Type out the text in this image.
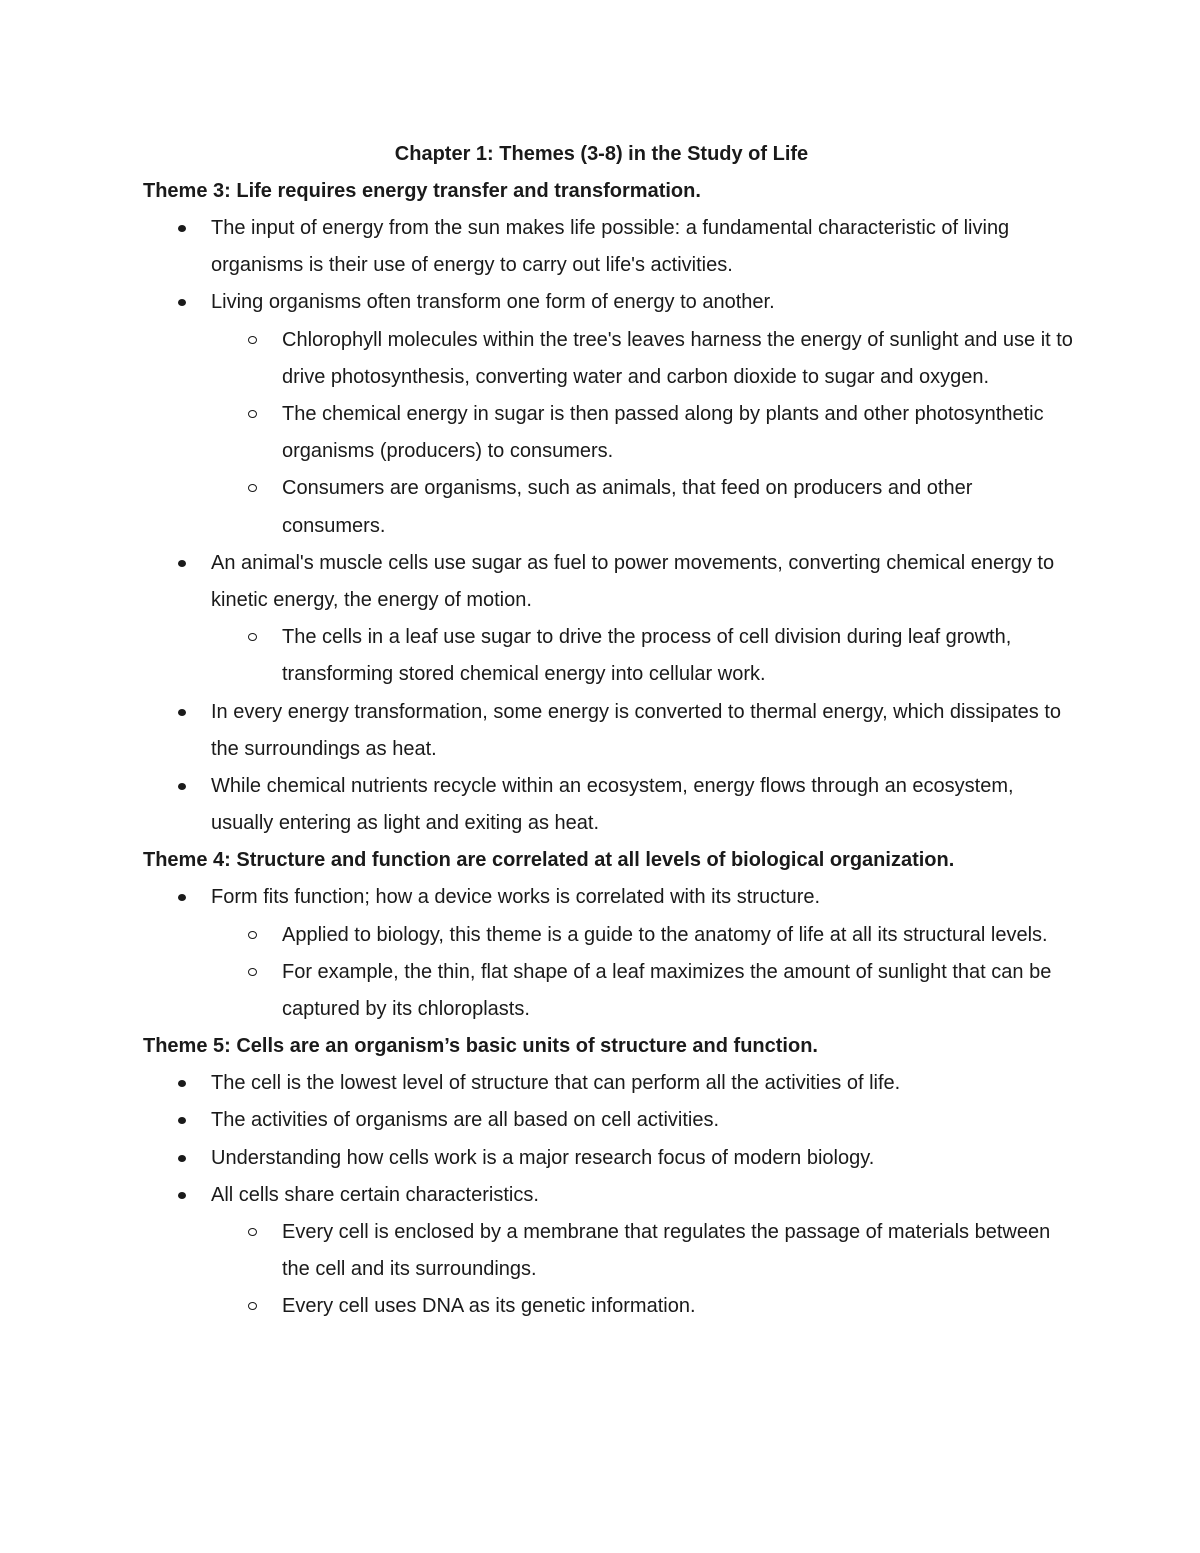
Chapter 1: Themes (3-8) in the Study of Life
Theme 3: Life requires energy transfer and transformation.
The input of energy from the sun makes life possible: a fundamental characteristic of living organisms is their use of energy to carry out life's activities.
Living organisms often transform one form of energy to another.
Chlorophyll molecules within the tree's leaves harness the energy of sunlight and use it to drive photosynthesis, converting water and carbon dioxide to sugar and oxygen.
The chemical energy in sugar is then passed along by plants and other photosynthetic organisms (producers) to consumers.
Consumers are organisms, such as animals, that feed on producers and other consumers.
An animal's muscle cells use sugar as fuel to power movements, converting chemical energy to kinetic energy, the energy of motion.
The cells in a leaf use sugar to drive the process of cell division during leaf growth, transforming stored chemical energy into cellular work.
In every energy transformation, some energy is converted to thermal energy, which dissipates to the surroundings as heat.
While chemical nutrients recycle within an ecosystem, energy flows through an ecosystem, usually entering as light and exiting as heat.
Theme 4: Structure and function are correlated at all levels of biological organization.
Form fits function; how a device works is correlated with its structure.
Applied to biology, this theme is a guide to the anatomy of life at all its structural levels.
For example, the thin, flat shape of a leaf maximizes the amount of sunlight that can be captured by its chloroplasts.
Theme 5: Cells are an organism’s basic units of structure and function.
The cell is the lowest level of structure that can perform all the activities of life.
The activities of organisms are all based on cell activities.
Understanding how cells work is a major research focus of modern biology.
All cells share certain characteristics.
Every cell is enclosed by a membrane that regulates the passage of materials between the cell and its surroundings.
Every cell uses DNA as its genetic information.
